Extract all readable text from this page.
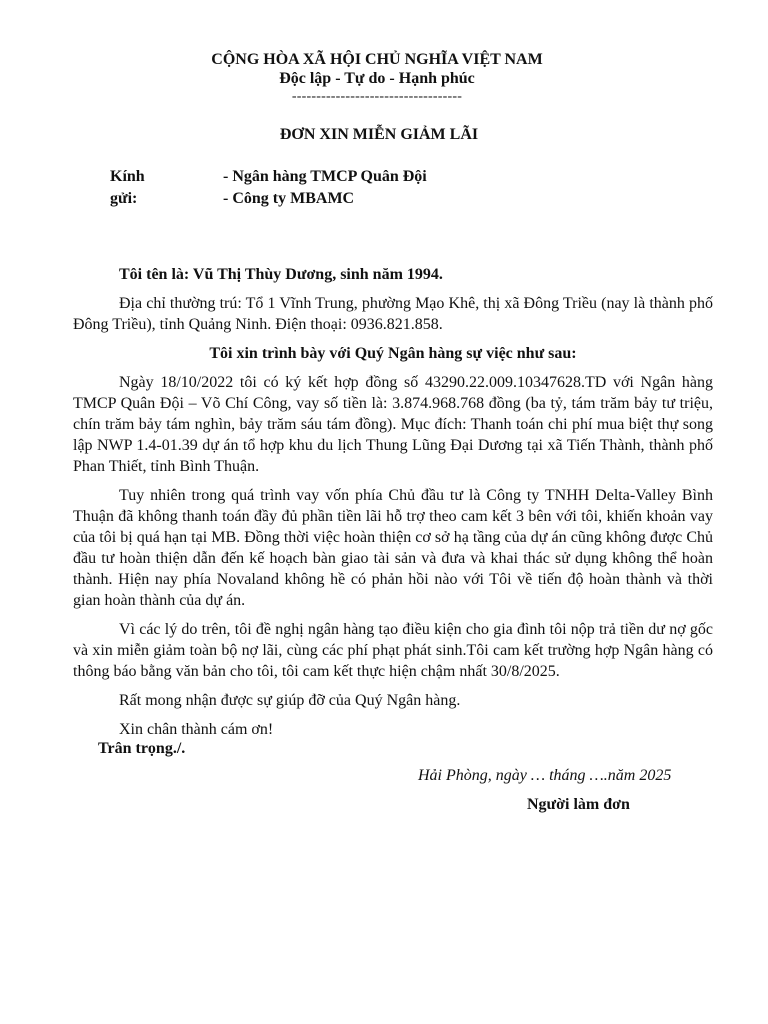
CỘNG HÒA XÃ HỘI CHỦ NGHĨA VIỆT NAM
Độc lập - Tự do - Hạnh phúc
-----------------------------------
ĐƠN XIN MIỄN GIẢM LÃI
Kính gửi:
- Ngân hàng TMCP Quân Đội
- Công ty MBAMC

Tôi tên là: Vũ Thị Thùy Dương, sinh năm 1994.

Địa chỉ thường trú: Tổ 1 Vĩnh Trung, phường Mạo Khê, thị xã Đông Triều (nay là thành phố Đông Triều), tỉnh Quảng Ninh. Điện thoại: 0936.821.858.

Tôi xin trình bày với Quý Ngân hàng sự việc như sau:

Ngày 18/10/2022 tôi có ký kết hợp đồng số 43290.22.009.10347628.TD với Ngân hàng TMCP Quân Đội – Võ Chí Công, vay số tiền là: 3.874.968.768 đồng (ba tỷ, tám trăm bảy tư triệu, chín trăm bảy tám nghìn, bảy trăm sáu tám đồng). Mục đích: Thanh toán chi phí mua biệt thự song lập NWP 1.4-01.39 dự án tổ hợp khu du lịch Thung Lũng Đại Dương tại xã Tiến Thành, thành phố Phan Thiết, tỉnh Bình Thuận.

Tuy nhiên trong quá trình vay vốn phía Chủ đầu tư là Công ty TNHH Delta-Valley Bình Thuận đã không thanh toán đầy đủ phần tiền lãi hỗ trợ theo cam kết 3 bên với tôi, khiến khoản vay của tôi bị quá hạn tại MB. Đồng thời việc hoàn thiện cơ sở hạ tầng của dự án cũng không được Chủ đầu tư hoàn thiện dẫn đến kế hoạch bàn giao tài sản và đưa và khai thác sử dụng không thể hoàn thành. Hiện nay phía Novaland không hề có phản hồi nào với Tôi về tiến độ hoàn thành và thời gian hoàn thành của dự án.

Vì các lý do trên, tôi đề nghị ngân hàng tạo điều kiện cho gia đình tôi nộp trả tiền dư nợ gốc và xin miễn giảm toàn bộ nợ lãi, cùng các phí phạt phát sinh.Tôi cam kết trường hợp Ngân hàng có thông báo bằng văn bản cho tôi, tôi cam kết thực hiện chậm nhất 30/8/2025.

Rất mong nhận được sự giúp đỡ của Quý Ngân hàng.

Xin chân thành cám ơn!

Trân trọng./.
Hải Phòng, ngày … tháng ….năm 2025
Người làm đơn
